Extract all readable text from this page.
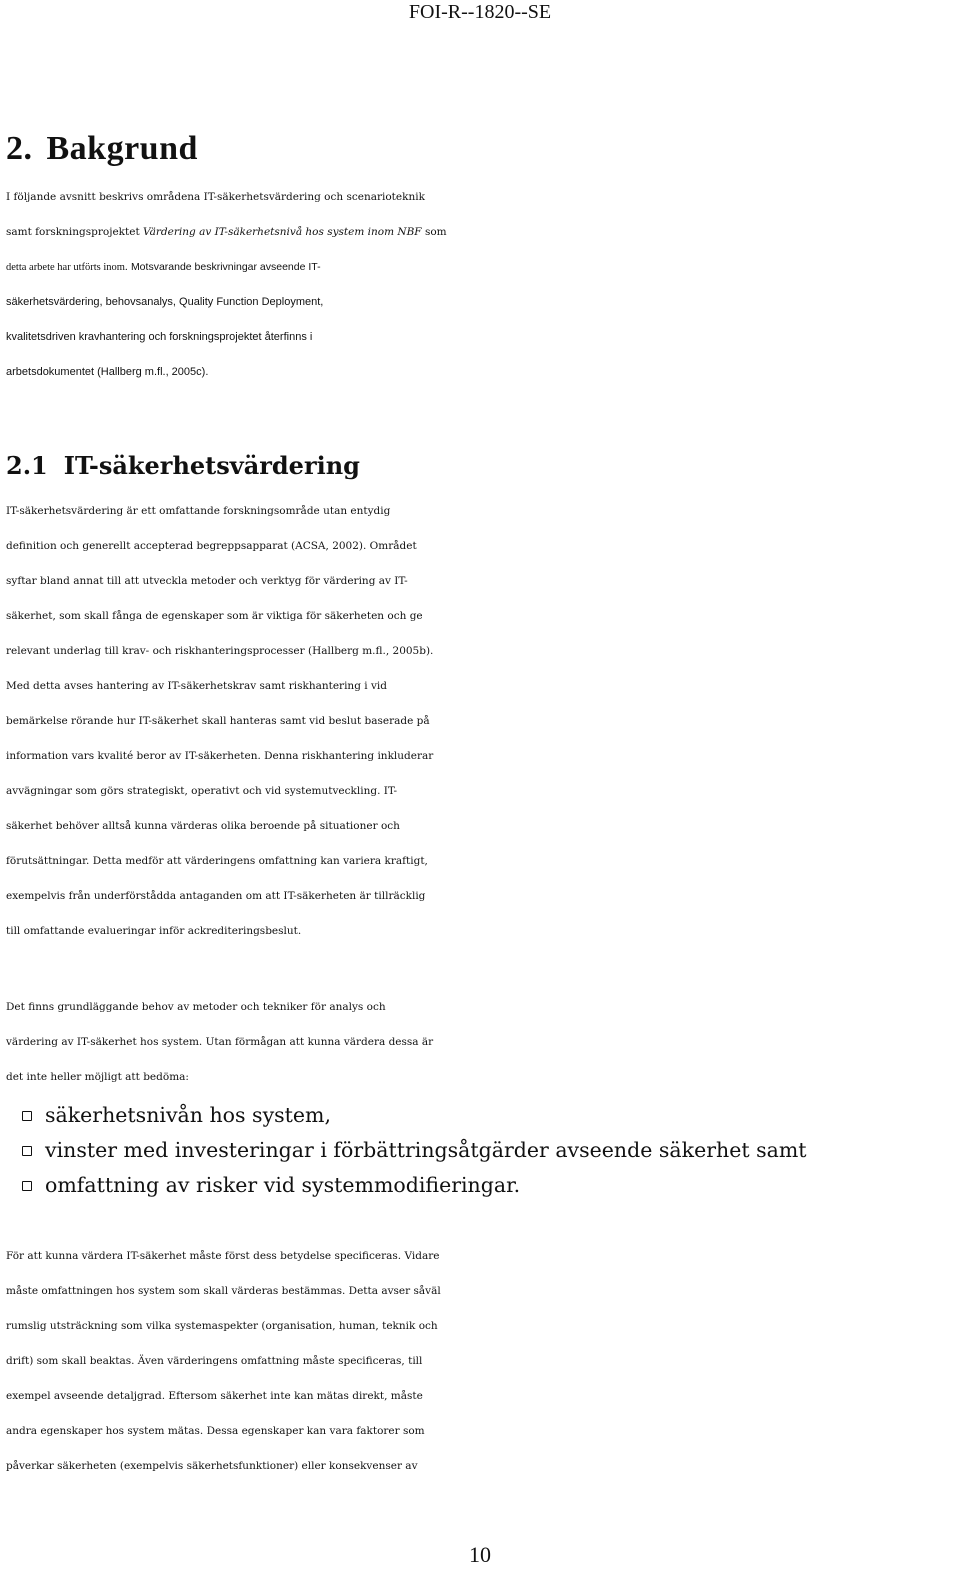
FOI-R--1820--SE
2. Bakgrund
I följande avsnitt beskrivs områdena IT-säkerhetsvärdering och scenarioteknik
samt forskningsprojektet Värdering av IT-säkerhetsnivå hos system inom NBF som
detta arbete har utförts inom. Motsvarande beskrivningar avseende IT-
säkerhetsvärdering, behovsanalys, Quality Function Deployment,
kvalitetsdriven kravhantering och forskningsprojektet återfinns i
arbetsdokumentet (Hallberg m.fl., 2005c).
2.1 IT-säkerhetsvärdering
IT-säkerhetsvärdering är ett omfattande forskningsområde utan entydig
definition och generellt accepterad begreppsapparat (ACSA, 2002). Området
syftar bland annat till att utveckla metoder och verktyg för värdering av IT-
säkerhet, som skall fånga de egenskaper som är viktiga för säkerheten och ge
relevant underlag till krav- och riskhanteringsprocesser (Hallberg m.fl., 2005b).
Med detta avses hantering av IT-säkerhetskrav samt riskhantering i vid
bemärkelse rörande hur IT-säkerhet skall hanteras samt vid beslut baserade på
information vars kvalité beror av IT-säkerheten. Denna riskhantering inkluderar
avvägningar som görs strategiskt, operativt och vid systemutveckling. IT-
säkerhet behöver alltså kunna värderas olika beroende på situationer och
förutsättningar. Detta medför att värderingens omfattning kan variera kraftigt,
exempelvis från underförstådda antaganden om att IT-säkerheten är tillräcklig
till omfattande evalueringar inför ackrediteringsbeslut.
Det finns grundläggande behov av metoder och tekniker för analys och
värdering av IT-säkerhet hos system. Utan förmågan att kunna värdera dessa är
det inte heller möjligt att bedöma:
säkerhetsnivån hos system,
vinster med investeringar i förbättringsåtgärder avseende säkerhet samt
omfattning av risker vid systemmodifieringar.
För att kunna värdera IT-säkerhet måste först dess betydelse specificeras. Vidare
måste omfattningen hos system som skall värderas bestämmas. Detta avser såväl
rumslig utsträckning som vilka systemaspekter (organisation, human, teknik och
drift) som skall beaktas. Även värderingens omfattning måste specificeras, till
exempel avseende detaljgrad. Eftersom säkerhet inte kan mätas direkt, måste
andra egenskaper hos system mätas. Dessa egenskaper kan vara faktorer som
påverkar säkerheten (exempelvis säkerhetsfunktioner) eller konsekvenser av
10
